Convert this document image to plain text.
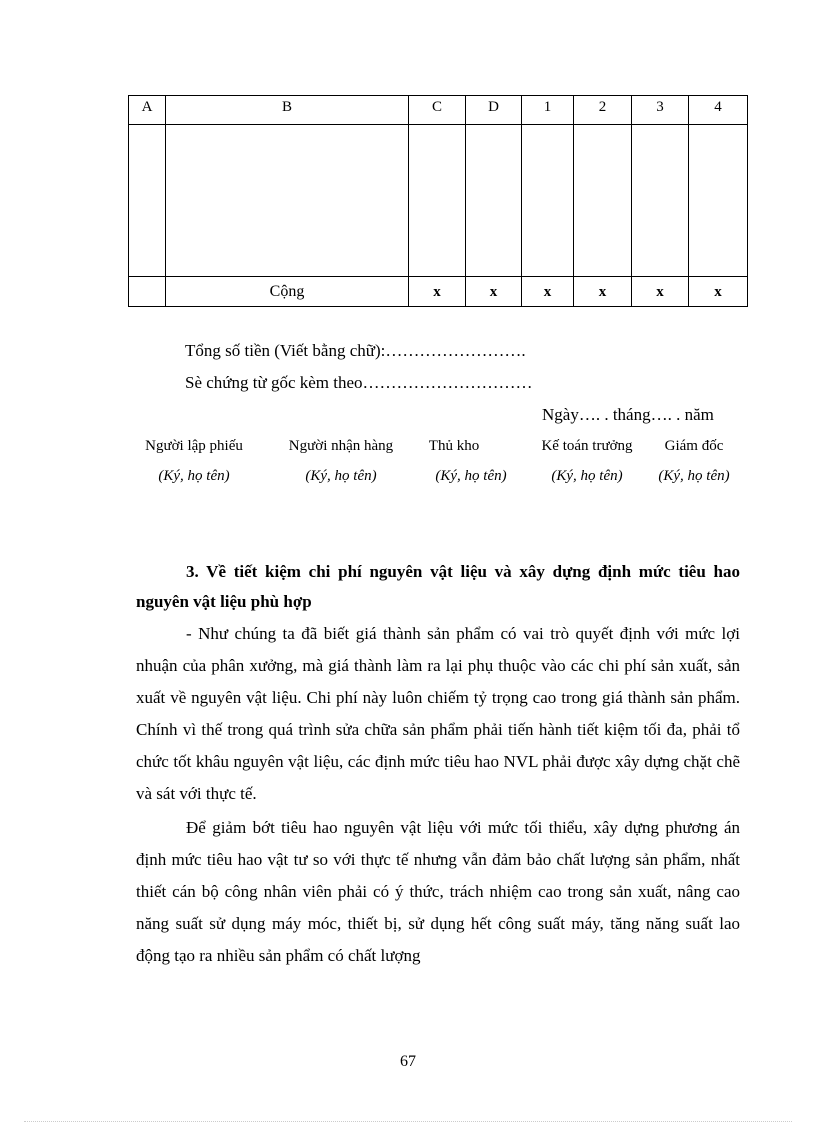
A	B	C	D	1	2	3	4

	Cộng	x	x	x	x	x	x
Tổng số tiền (Viết bằng chữ):…………………….
Sè chứng từ gốc kèm theo…………………………
Ngày…. . tháng…. . năm
Người lập phiếu
(Ký, họ tên)
Người nhận hàng
(Ký, họ tên)
Thủ kho
(Ký, họ tên)
Kế toán trưởng
(Ký, họ tên)
Giám đốc
(Ký, họ tên)
3. Về tiết kiệm chi phí nguyên vật liệu và xây dựng định mức tiêu hao nguyên vật liệu phù hợp
- Như chúng ta đã biết giá thành sản phẩm có vai trò quyết định với mức lợi nhuận của phân xưởng, mà giá thành làm ra lại phụ thuộc vào các chi phí sản xuất, sản xuất về nguyên vật liệu. Chi phí này luôn chiếm tỷ trọng cao trong giá thành sản phẩm. Chính vì thế trong quá trình sửa chữa sản phẩm phải tiến hành tiết kiệm tối đa, phải tổ chức tốt khâu nguyên vật liệu, các định mức tiêu hao NVL phải được xây dựng chặt chẽ và sát với thực tế.
Để giảm bớt tiêu hao nguyên vật liệu với mức tối thiểu, xây dựng phương án định mức tiêu hao vật tư so với thực tế nhưng vẫn đảm bảo chất lượng sản phẩm, nhất thiết cán bộ công nhân viên phải có ý thức, trách nhiệm cao trong sản xuất, nâng cao năng suất sử dụng máy móc, thiết bị, sử dụng hết công suất máy, tăng năng suất lao động tạo ra nhiều sản phẩm có chất lượng
67
